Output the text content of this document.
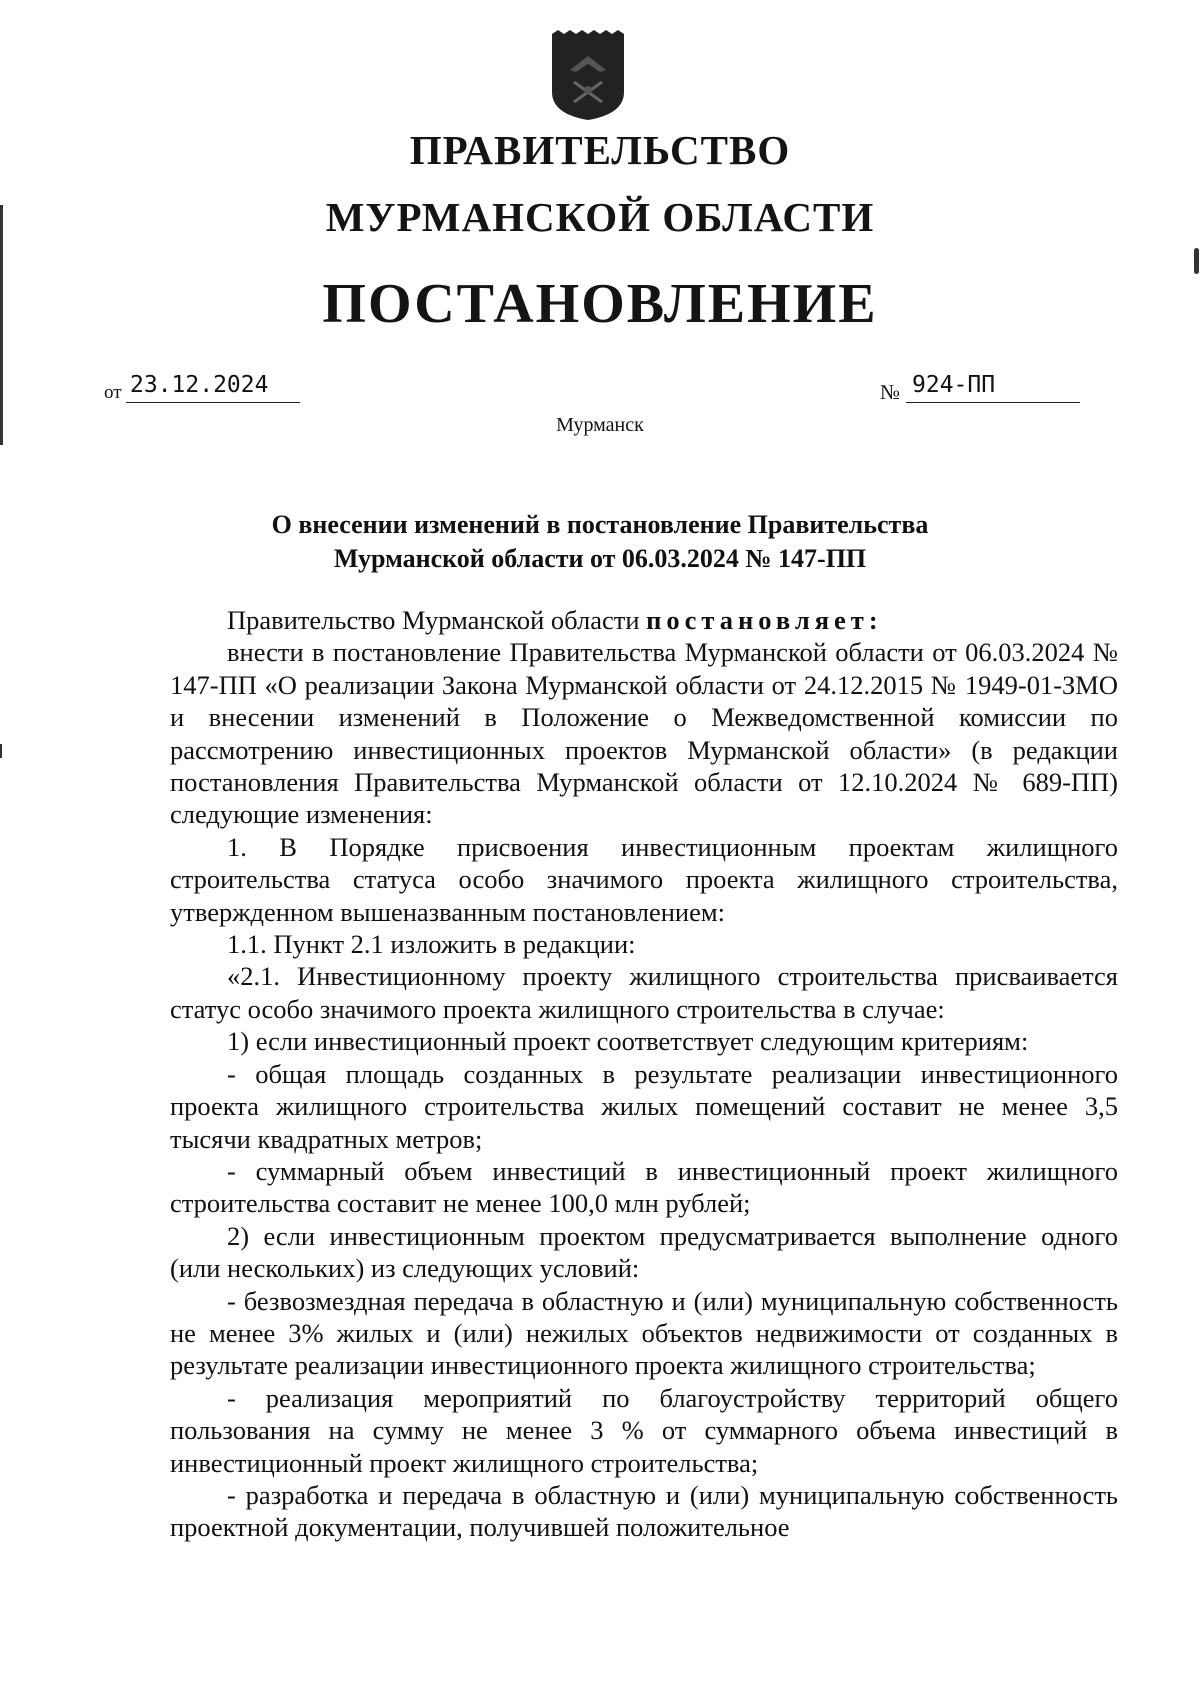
ПРАВИТЕЛЬСТВО
МУРМАНСКОЙ ОБЛАСТИ
ПОСТАНОВЛЕНИЕ
от 23.12.2024	№ 924-ПП
Мурманск
О внесении изменений в постановление Правительства
Мурманской области от 06.03.2024 № 147-ПП

Правительство Мурманской области постановляет:

внести в постановление Правительства Мурманской области от 06.03.2024 № 147-ПП «О реализации Закона Мурманской области от 24.12.2015 № 1949-01-ЗМО и внесении изменений в Положение о Межведомственной комиссии по рассмотрению инвестиционных проектов Мурманской области» (в редакции постановления Правительства Мурманской области от 12.10.2024 № 689-ПП) следующие изменения:

1. В Порядке присвоения инвестиционным проектам жилищного строительства статуса особо значимого проекта жилищного строительства, утвержденном вышеназванным постановлением:

1.1. Пункт 2.1 изложить в редакции:

«2.1. Инвестиционному проекту жилищного строительства присваивается статус особо значимого проекта жилищного строительства в случае:

1) если инвестиционный проект соответствует следующим критериям:

- общая площадь созданных в результате реализации инвестиционного проекта жилищного строительства жилых помещений составит не менее 3,5 тысячи квадратных метров;

- суммарный объем инвестиций в инвестиционный проект жилищного строительства составит не менее 100,0 млн рублей;

2) если инвестиционным проектом предусматривается выполнение одного (или нескольких) из следующих условий:

- безвозмездная передача в областную и (или) муниципальную собственность не менее 3% жилых и (или) нежилых объектов недвижимости от созданных в результате реализации инвестиционного проекта жилищного строительства;

- реализация мероприятий по благоустройству территорий общего пользования на сумму не менее 3 % от суммарного объема инвестиций в инвестиционный проект жилищного строительства;

- разработка и передача в областную и (или) муниципальную собственность проектной документации, получившей положительное
